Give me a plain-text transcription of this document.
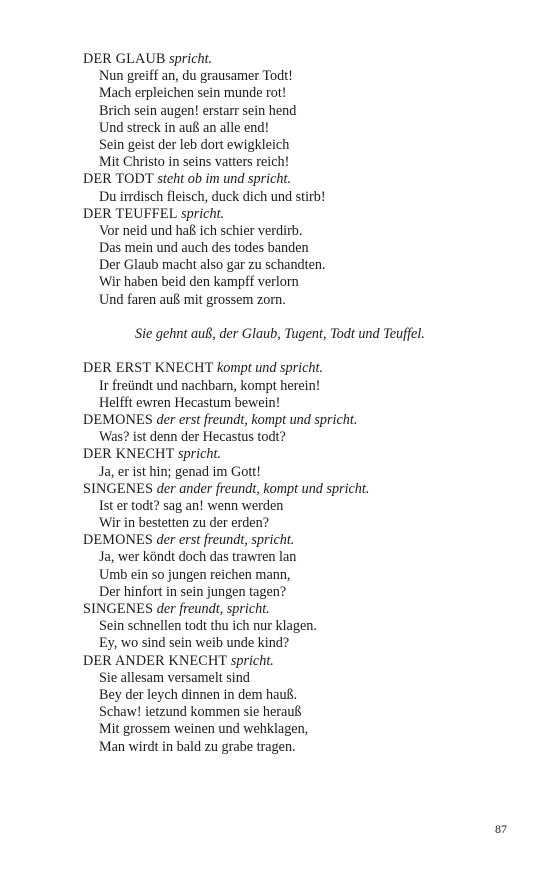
DER GLAUB spricht.
Nun greiff an, du grausamer Todt!
Mach erpleichen sein munde rot!
Brich sein augen! erstarr sein hend
Und streck in auß an alle end!
Sein geist der leb dort ewigkleich
Mit Christo in seins vatters reich!
DER TODT steht ob im und spricht.
Du irrdisch fleisch, duck dich und stirb!
DER TEUFFEL spricht.
Vor neid und haß ich schier verdirb.
Das mein und auch des todes banden
Der Glaub macht also gar zu schandten.
Wir haben beid den kampff verlorn
Und faren auß mit grossem zorn.
Sie gehnt auß, der Glaub, Tugent, Todt und Teuffel.
DER ERST KNECHT kompt und spricht.
Ir freündt und nachbarn, kompt herein!
Helfft ewren Hecastum bewein!
DEMONES der erst freundt, kompt und spricht.
Was? ist denn der Hecastus todt?
DER KNECHT spricht.
Ja, er ist hin; genad im Gott!
SINGENES der ander freundt, kompt und spricht.
Ist er todt? sag an! wenn werden
Wir in bestetten zu der erden?
DEMONES der erst freundt, spricht.
Ja, wer köndt doch das trawren lan
Umb ein so jungen reichen mann,
Der hinfort in sein jungen tagen?
SINGENES der freundt, spricht.
Sein schnellen todt thu ich nur klagen.
Ey, wo sind sein weib unde kind?
DER ANDER KNECHT spricht.
Sie allesam versamelt sind
Bey der leych dinnen in dem hauß.
Schaw! ietzund kommen sie herauß
Mit grossem weinen und wehklagen,
Man wirdt in bald zu grabe tragen.
87
